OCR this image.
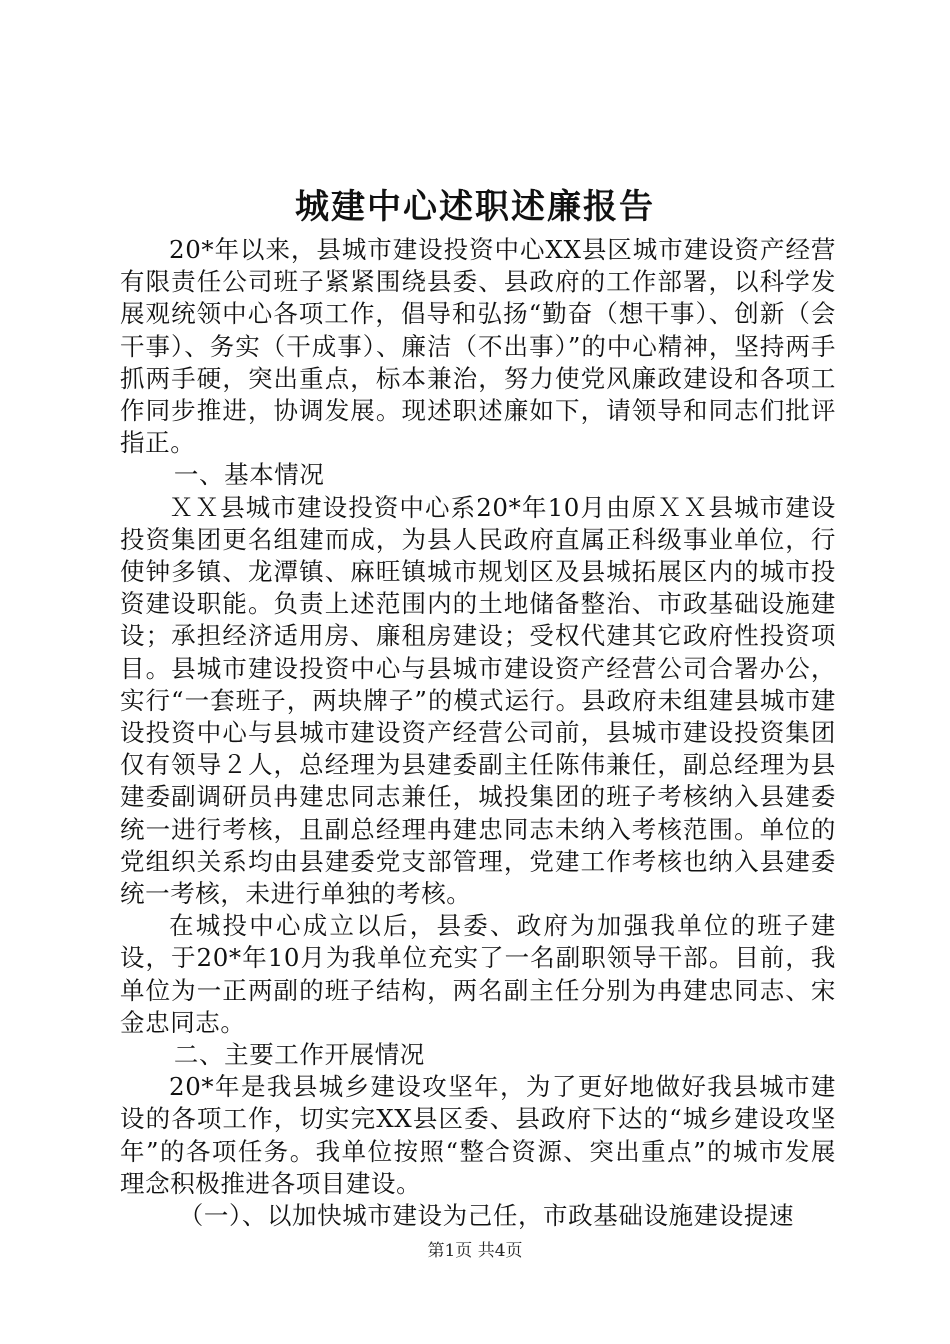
城建中心述职述廉报告

20*年以来，县城市建设投资中心XX县区城市建设资产经营有限责任公司班子紧紧围绕县委、县政府的工作部署，以科学发展观统领中心各项工作，倡导和弘扬“勤奋（想干事）、创新（会干事）、务实（干成事）、廉洁（不出事）”的中心精神，坚持两手抓两手硬，突出重点，标本兼治，努力使党风廉政建设和各项工作同步推进，协调发展。现述职述廉如下，请领导和同志们批评指正。

一、基本情况

ＸＸ县城市建设投资中心系20*年10月由原ＸＸ县城市建设投资集团更名组建而成，为县人民政府直属正科级事业单位，行使钟多镇、龙潭镇、麻旺镇城市规划区及县城拓展区内的城市投资建设职能。负责上述范围内的土地储备整治、市政基础设施建设；承担经济适用房、廉租房建设；受权代建其它政府性投资项目。县城市建设投资中心与县城市建设资产经营公司合署办公，实行“一套班子，两块牌子”的模式运行。县政府未组建县城市建设投资中心与县城市建设资产经营公司前，县城市建设投资集团仅有领导２人，总经理为县建委副主任陈伟兼任，副总经理为县建委副调研员冉建忠同志兼任，城投集团的班子考核纳入县建委统一进行考核，且副总经理冉建忠同志未纳入考核范围。单位的党组织关系均由县建委党支部管理，党建工作考核也纳入县建委统一考核，未进行单独的考核。

在城投中心成立以后，县委、政府为加强我单位的班子建设，于20*年10月为我单位充实了一名副职领导干部。目前，我单位为一正两副的班子结构，两名副主任分别为冉建忠同志、宋金忠同志。

二、主要工作开展情况

20*年是我县城乡建设攻坚年，为了更好地做好我县城市建设的各项工作，切实完XX县区委、县政府下达的“城乡建设攻坚年”的各项任务。我单位按照“整合资源、突出重点”的城市发展理念积极推进各项目建设。

（一）、以加快城市建设为己任，市政基础设施建设提速

第1页 共4页
